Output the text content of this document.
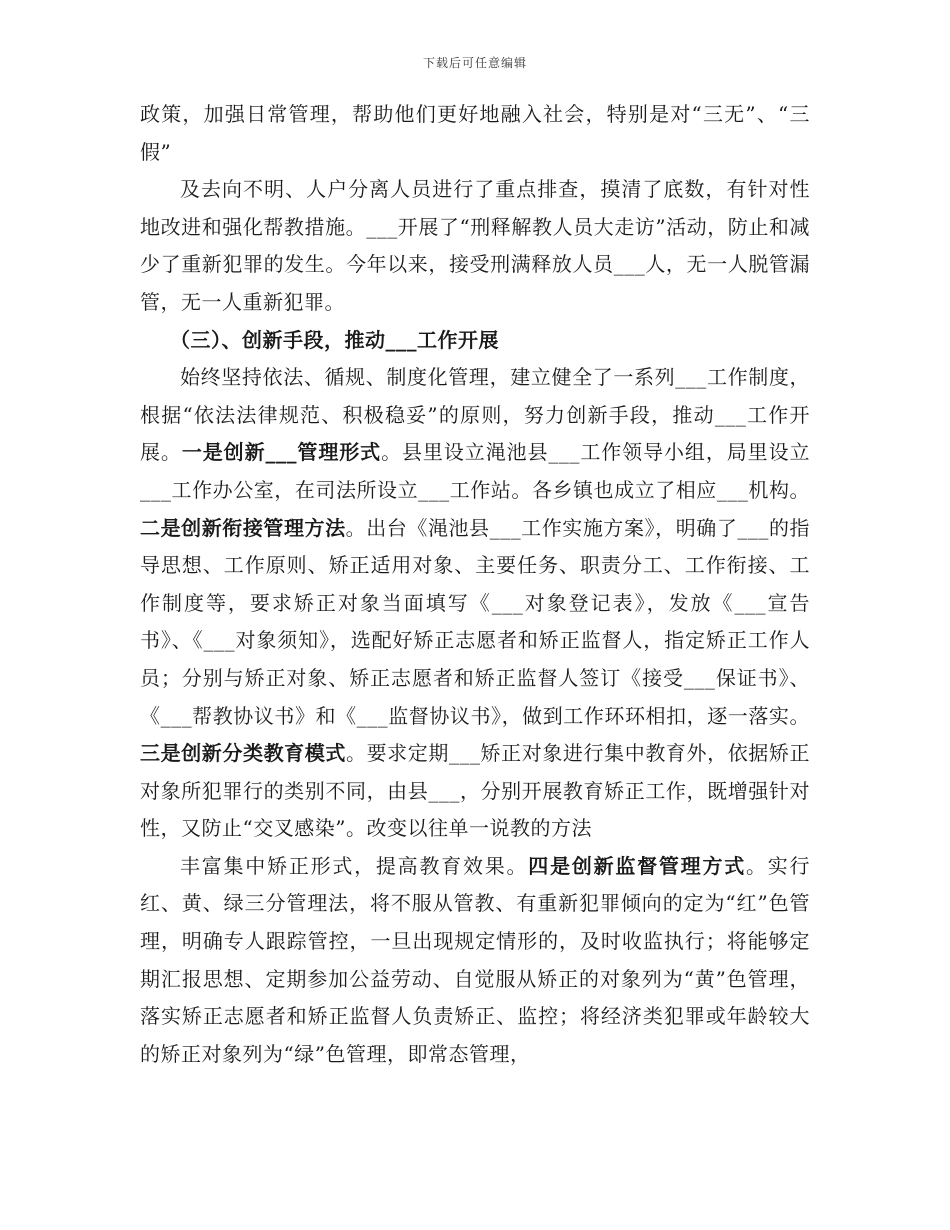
下载后可任意编辑

政策，加强日常管理，帮助他们更好地融入社会，特别是对“三无”、“三假”

及去向不明、人户分离人员进行了重点排查，摸清了底数，有针对性地改进和强化帮教措施。___开展了“刑释解教人员大走访”活动，防止和减少了重新犯罪的发生。今年以来，接受刑满释放人员___人，无一人脱管漏管，无一人重新犯罪。

（三）、创新手段，推动___工作开展

始终坚持依法、循规、制度化管理，建立健全了一系列___工作制度，根据“依法法律规范、积极稳妥”的原则，努力创新手段，推动___工作开展。一是创新___管理形式。县里设立渑池县___工作领导小组，局里设立___工作办公室，在司法所设立___工作站。各乡镇也成立了相应___机构。二是创新衔接管理方法。出台《渑池县___工作实施方案》，明确了___的指导思想、工作原则、矫正适用对象、主要任务、职责分工、工作衔接、工作制度等，要求矫正对象当面填写《___对象登记表》，发放《___宣告书》、《___对象须知》，选配好矫正志愿者和矫正监督人，指定矫正工作人员；分别与矫正对象、矫正志愿者和矫正监督人签订《接受___保证书》、《___帮教协议书》和《___监督协议书》，做到工作环环相扣，逐一落实。三是创新分类教育模式。要求定期___矫正对象进行集中教育外，依据矫正对象所犯罪行的类别不同，由县___，分别开展教育矫正工作，既增强针对性，又防止“交叉感染”。改变以往单一说教的方法

丰富集中矫正形式，提高教育效果。四是创新监督管理方式。实行红、黄、绿三分管理法，将不服从管教、有重新犯罪倾向的定为“红”色管理，明确专人跟踪管控，一旦出现规定情形的，及时收监执行；将能够定期汇报思想、定期参加公益劳动、自觉服从矫正的对象列为“黄”色管理，落实矫正志愿者和矫正监督人负责矫正、监控；将经济类犯罪或年龄较大的矫正对象列为“绿”色管理，即常态管理，
